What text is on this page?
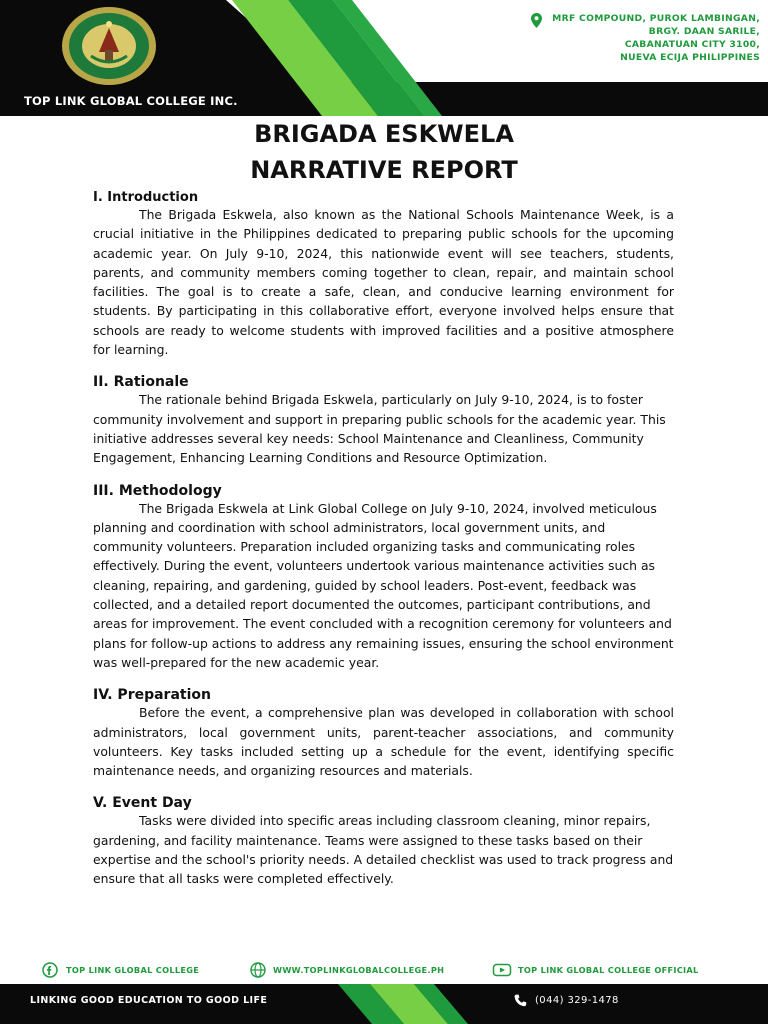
TOP LINK GLOBAL COLLEGE INC.
MRF COMPOUND, PUROK LAMBINGAN,
BRGY. DAAN SARILE,
CABANATUAN CITY 3100,
NUEVA ECIJA PHILIPPINES
BRIGADA ESKWELA
NARRATIVE REPORT
I. Introduction

The Brigada Eskwela, also known as the National Schools Maintenance Week, is a crucial initiative in the Philippines dedicated to preparing public schools for the upcoming academic year. On July 9-10, 2024, this nationwide event will see teachers, students, parents, and community members coming together to clean, repair, and maintain school facilities. The goal is to create a safe, clean, and conducive learning environment for students. By participating in this collaborative effort, everyone involved helps ensure that schools are ready to welcome students with improved facilities and a positive atmosphere for learning.

II. Rationale

The rationale behind Brigada Eskwela, particularly on July 9-10, 2024, is to foster community involvement and support in preparing public schools for the academic year. This initiative addresses several key needs: School Maintenance and Cleanliness, Community Engagement, Enhancing Learning Conditions and Resource Optimization.

III. Methodology

The Brigada Eskwela at Link Global College on July 9-10, 2024, involved meticulous planning and coordination with school administrators, local government units, and community volunteers. Preparation included organizing tasks and communicating roles effectively. During the event, volunteers undertook various maintenance activities such as cleaning, repairing, and gardening, guided by school leaders. Post-event, feedback was collected, and a detailed report documented the outcomes, participant contributions, and areas for improvement. The event concluded with a recognition ceremony for volunteers and plans for follow-up actions to address any remaining issues, ensuring the school environment was well-prepared for the new academic year.

IV. Preparation

Before the event, a comprehensive plan was developed in collaboration with school administrators, local government units, parent-teacher associations, and community volunteers. Key tasks included setting up a schedule for the event, identifying specific maintenance needs, and organizing resources and materials.

V. Event Day

Tasks were divided into specific areas including classroom cleaning, minor repairs, gardening, and facility maintenance. Teams were assigned to these tasks based on their expertise and the school's priority needs. A detailed checklist was used to track progress and ensure that all tasks were completed effectively.

TOP LINK GLOBAL COLLEGE	WWW.TOPLINKGLOBALCOLLEGE.PH	TOP LINK GLOBAL COLLEGE OFFICIAL
LINKING GOOD EDUCATION TO GOOD LIFE	(044) 329-1478
